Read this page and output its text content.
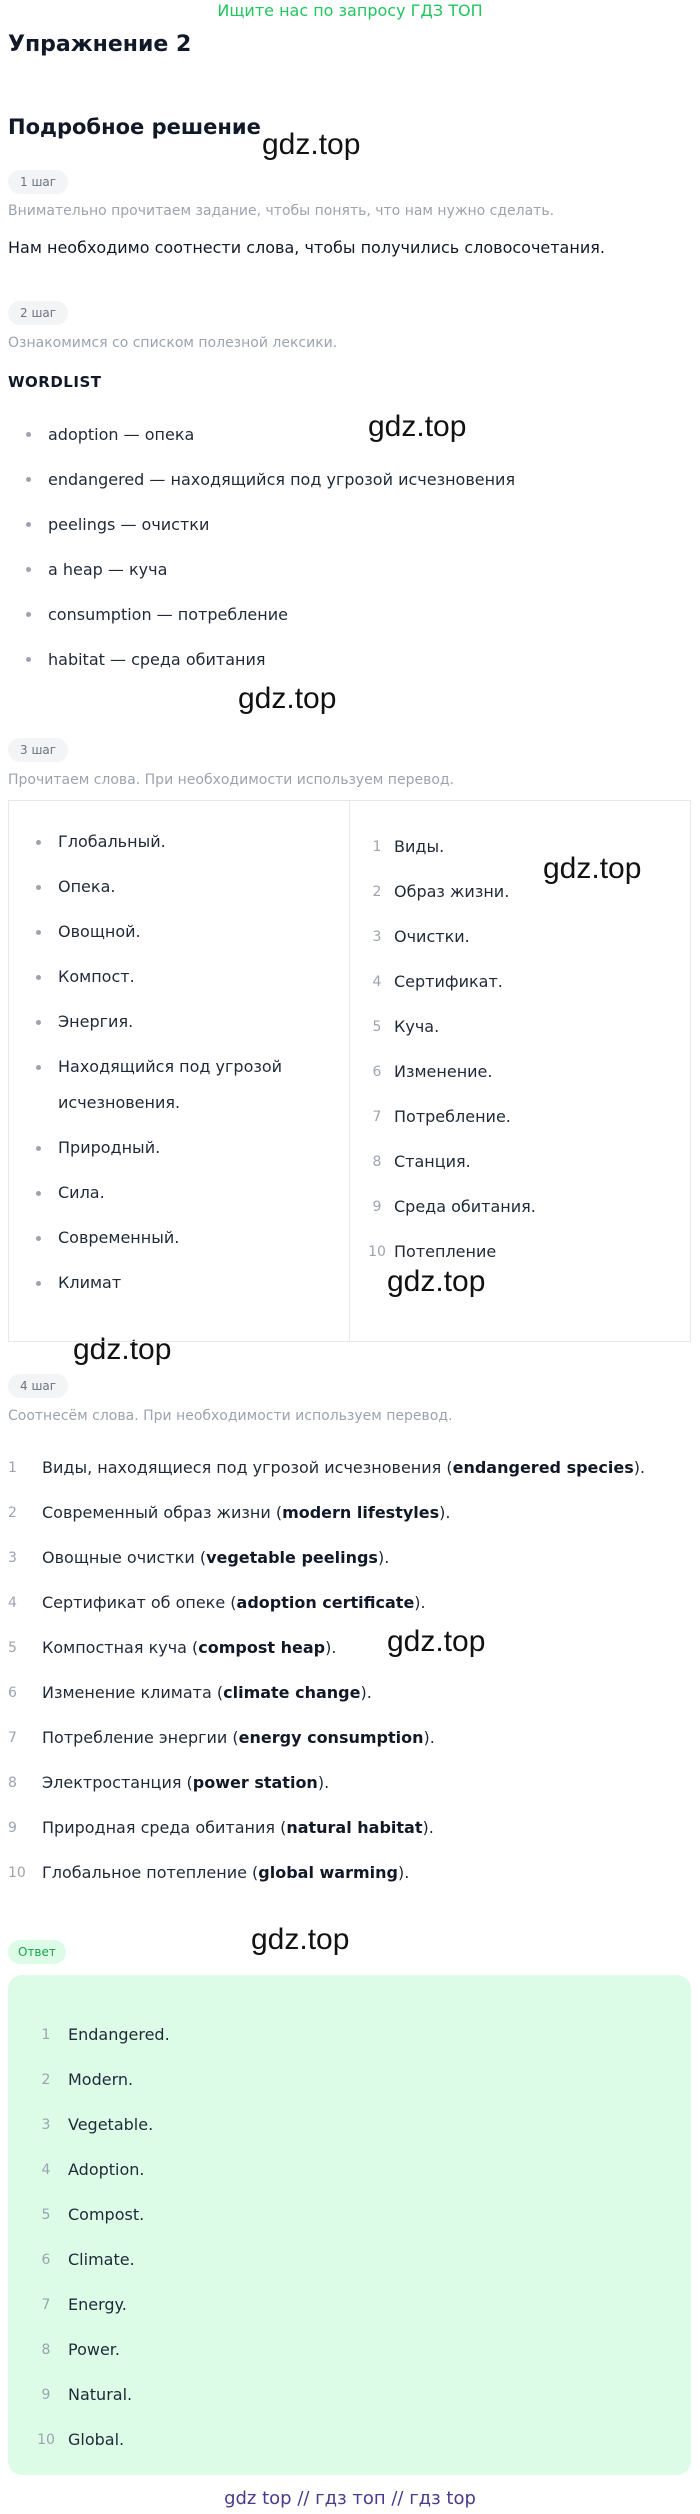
Ищите нас по запросу ГДЗ ТОП
Упражнение 2
Подробное решение
gdz.top
gdz.top
gdz.top
gdz.top
gdz.top
gdz.top
gdz.top
gdz.top
1 шаг
Внимательно прочитаем задание, чтобы понять, что нам нужно сделать.
Нам необходимо соотнести слова, чтобы получились словосочетания.
2 шаг
Ознакомимся со списком полезной лексики.
WORDLIST
adoption — опека
endangered — находящийся под угрозой исчезновения
peelings — очистки
a heap — куча
consumption — потребление
habitat — среда обитания
3 шаг
Прочитаем слова. При необходимости используем перевод.
Глобальный.
Опека.
Овощной.
Компост.
Энергия.
Находящийся под угрозой исчезновения.
Природный.
Сила.
Современный.
Климат
1 Виды.
2 Образ жизни.
3 Очистки.
4 Сертификат.
5 Куча.
6 Изменение.
7 Потребление.
8 Станция.
9 Среда обитания.
10 Потепление
4 шаг
Соотнесём слова. При необходимости используем перевод.
1	Виды, находящиеся под угрозой исчезновения (endangered species).
2	Современный образ жизни (modern lifestyles).
3	Овощные очистки (vegetable peelings).
4	Сертификат об опеке (adoption certificate).
5	Компостная куча (compost heap).
6	Изменение климата (climate change).
7	Потребление энергии (energy consumption).
8	Электростанция (power station).
9	Природная среда обитания (natural habitat).
10	Глобальное потепление (global warming).
Ответ
1	Endangered.
2	Modern.
3	Vegetable.
4	Adoption.
5	Compost.
6	Climate.
7	Energy.
8	Power.
9	Natural.
10 Global.
gdz top // гдз топ // гдз top
